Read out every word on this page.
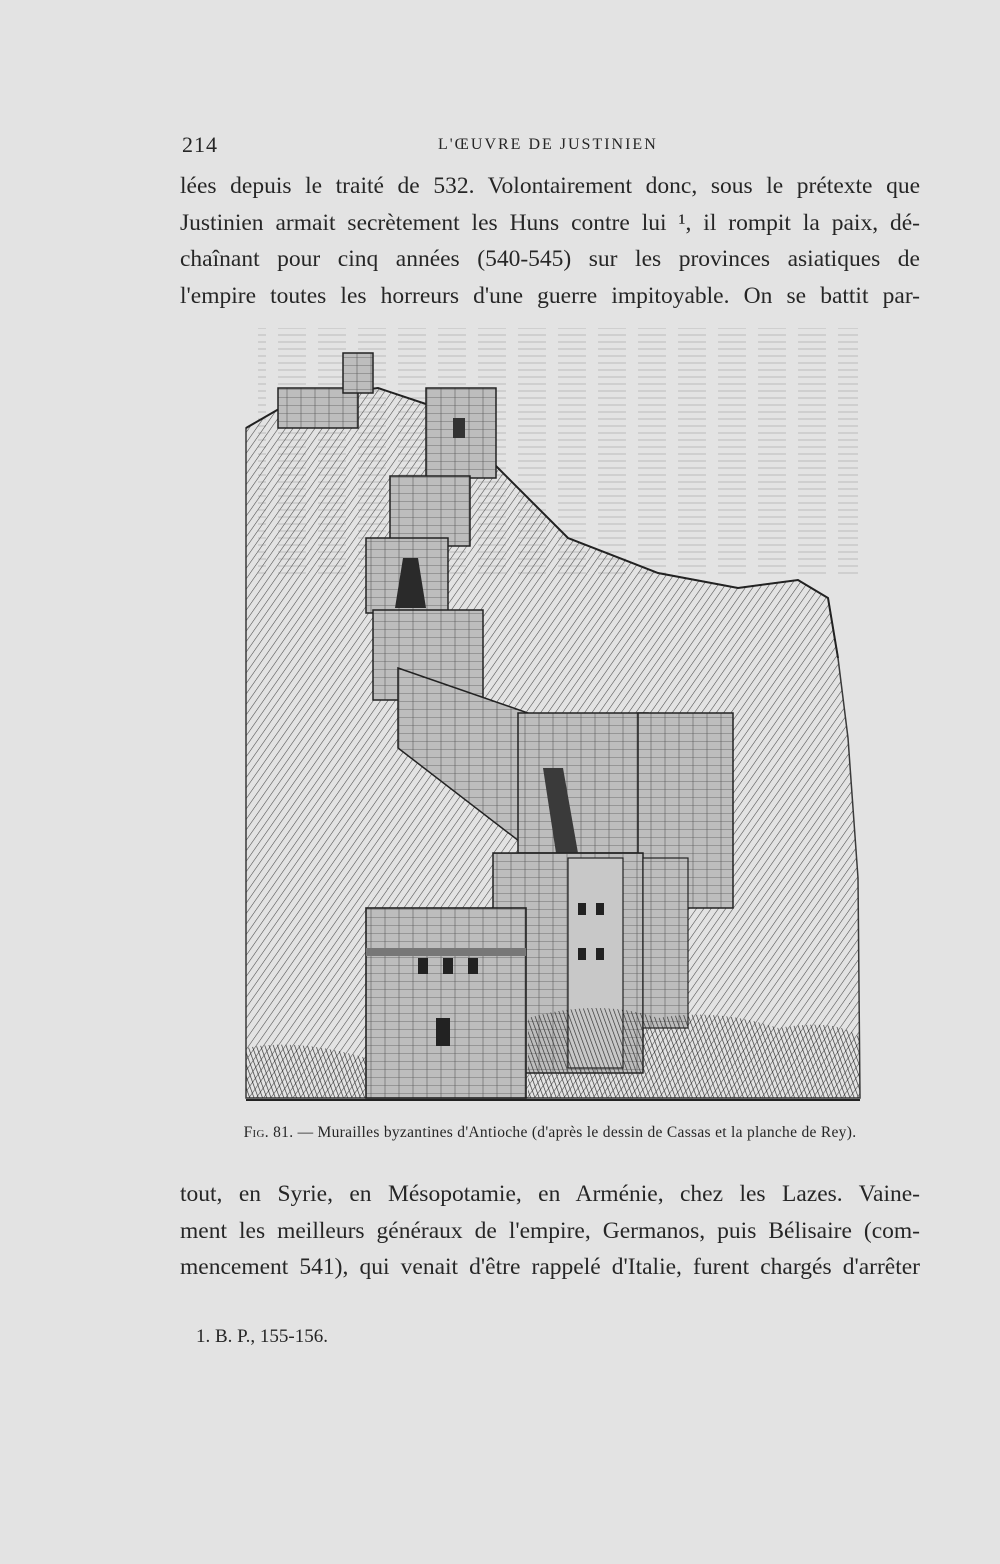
214	L'ŒUVRE DE JUSTINIEN
lées depuis le traité de 532. Volontairement donc, sous le prétexte que
Justinien armait secrètement les Huns contre lui ¹, il rompit la paix, dé-
chaînant pour cinq années (540-545) sur les provinces asiatiques de
l'empire toutes les horreurs d'une guerre impitoyable. On se battit par-
Fig. 81. — Murailles byzantines d'Antioche (d'après le dessin de Cassas et la planche de Rey).
tout, en Syrie, en Mésopotamie, en Arménie, chez les Lazes. Vaine-
ment les meilleurs généraux de l'empire, Germanos, puis Bélisaire (com-
mencement 541), qui venait d'être rappelé d'Italie, furent chargés d'arrêter
1. B. P., 155-156.
